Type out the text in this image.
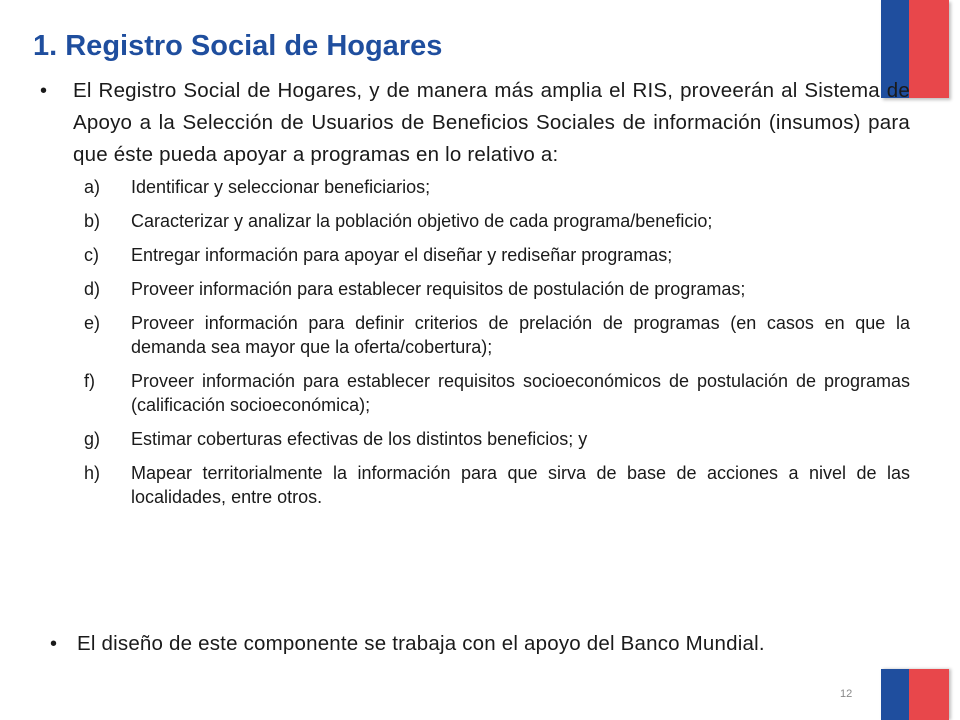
1. Registro Social de Hogares
• El Registro Social de Hogares, y de manera más amplia el RIS, proveerán al Sistema de Apoyo a la Selección de Usuarios de Beneficios Sociales de información (insumos) para que éste pueda apoyar a programas en lo relativo a:
a) Identificar y seleccionar beneficiarios;
b) Caracterizar y analizar la población objetivo de cada programa/beneficio;
c) Entregar información para apoyar el diseñar y rediseñar programas;
d) Proveer información para establecer requisitos de postulación de programas;
e) Proveer información para definir criterios de prelación de programas (en casos en que la demanda sea mayor que la oferta/cobertura);
f) Proveer información para establecer requisitos socioeconómicos de postulación de programas (calificación socioeconómica);
g) Estimar coberturas efectivas de los distintos beneficios; y
h) Mapear territorialmente la información para que sirva de base de acciones a nivel de las localidades, entre otros.
• El diseño de este componente se trabaja con el apoyo del Banco Mundial.
12
